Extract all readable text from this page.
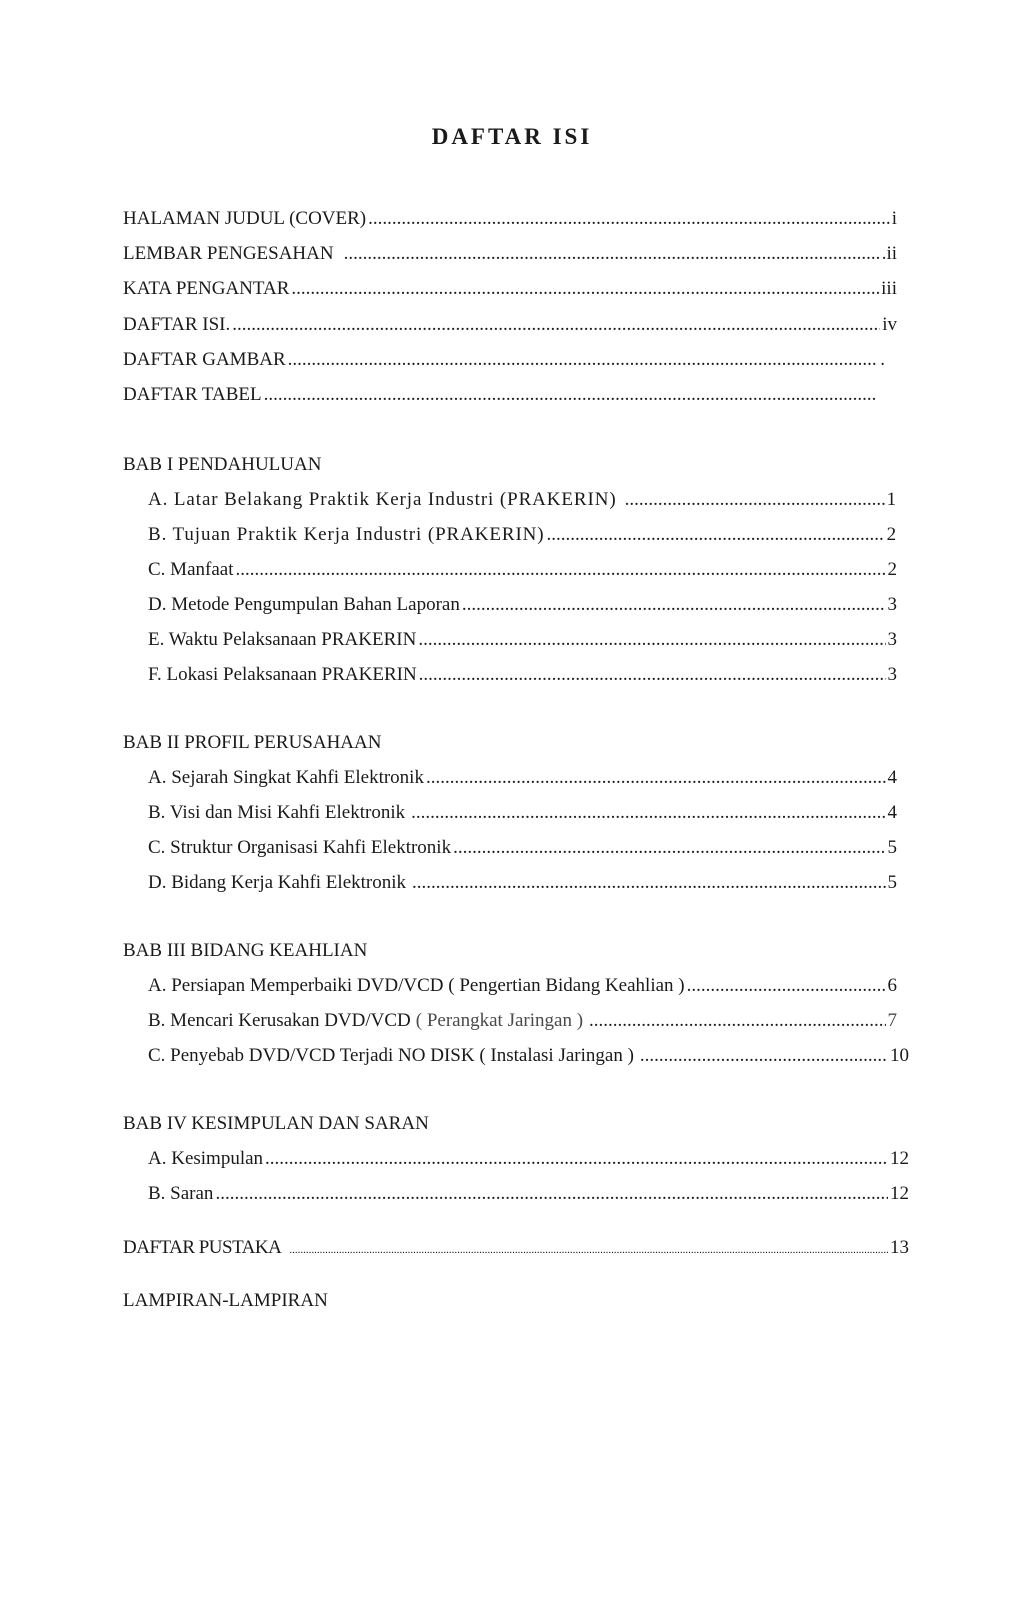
DAFTAR ISI
HALAMAN JUDUL (COVER) .....	i
LEMBAR PENGESAHAN .....	.ii
KATA PENGANTAR .....	iii
DAFTAR ISI. .....	iv
DAFTAR GAMBAR .....	.
DAFTAR TABEL
.....
BAB I PENDAHULUAN
A. Latar Belakang Praktik Kerja Industri (PRAKERIN) .....	1
B. Tujuan Praktik Kerja Industri (PRAKERIN) .....	2
C. Manfaat .....	2
D. Metode Pengumpulan Bahan Laporan .....	3
E. Waktu Pelaksanaan PRAKERIN .....	3
F. Lokasi Pelaksanaan PRAKERIN .....	3
BAB II PROFIL PERUSAHAAN
A. Sejarah Singkat Kahfi Elektronik .....	4
B. Visi dan Misi Kahfi Elektronik .....	4
C. Struktur Organisasi Kahfi Elektronik .....	5
D. Bidang Kerja Kahfi Elektronik .....	5
BAB III BIDANG KEAHLIAN
A. Persiapan Memperbaiki DVD/VCD ( Pengertian Bidang Keahlian ) .....	6
B. Mencari Kerusakan DVD/VCD ( Perangkat Jaringan ) .....	7
C. Penyebab DVD/VCD Terjadi NO DISK ( Instalasi Jaringan ) .....	10
BAB IV KESIMPULAN DAN SARAN
A. Kesimpulan .....	12
B. Saran .....	12
DAFTAR PUSTAKA .....	13
LAMPIRAN-LAMPIRAN
